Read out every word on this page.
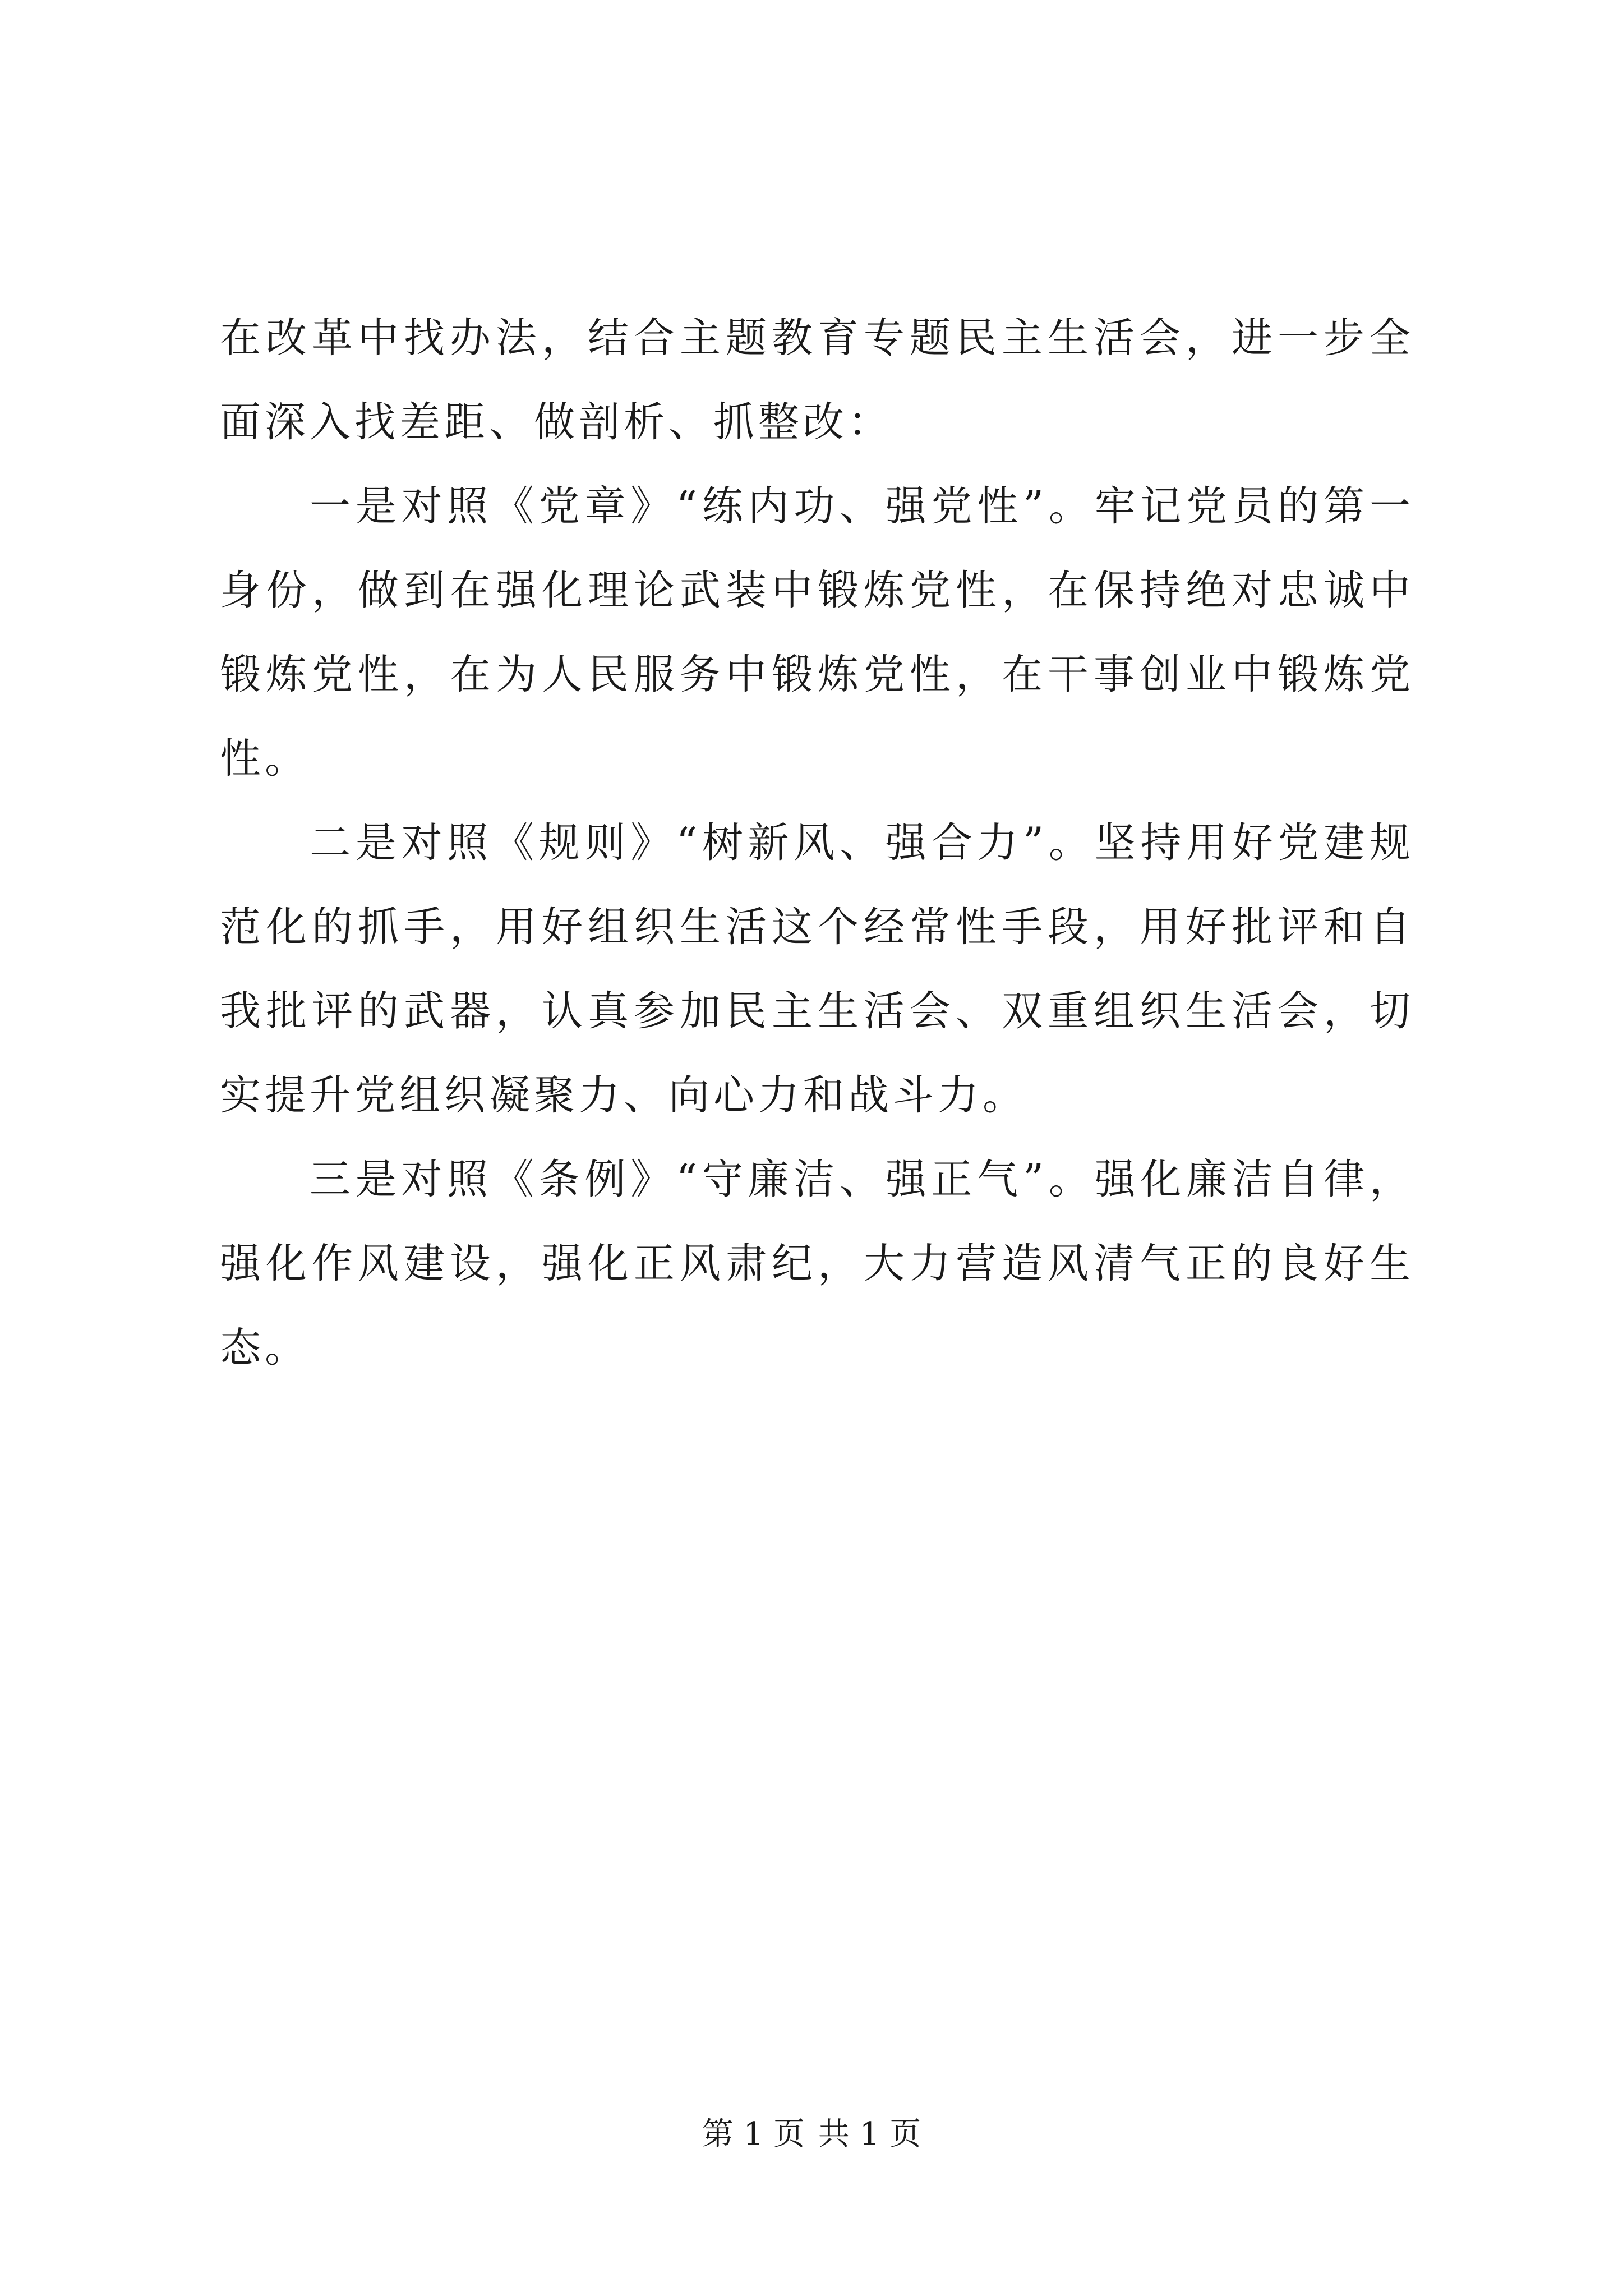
在改革中找办法，结合主题教育专题民主生活会，进一步全面深入找差距、做剖析、抓整改：

一是对照《党章》“练内功、强党性”。牢记党员的第一身份，做到在强化理论武装中锻炼党性，在保持绝对忠诚中锻炼党性，在为人民服务中锻炼党性，在干事创业中锻炼党性。

二是对照《规则》“树新风、强合力”。坚持用好党建规范化的抓手，用好组织生活这个经常性手段，用好批评和自我批评的武器，认真参加民主生活会、双重组织生活会，切实提升党组织凝聚力、向心力和战斗力。

三是对照《条例》“守廉洁、强正气”。强化廉洁自律，强化作风建设，强化正风肃纪，大力营造风清气正的良好生态。

第 1 页 共 1 页
